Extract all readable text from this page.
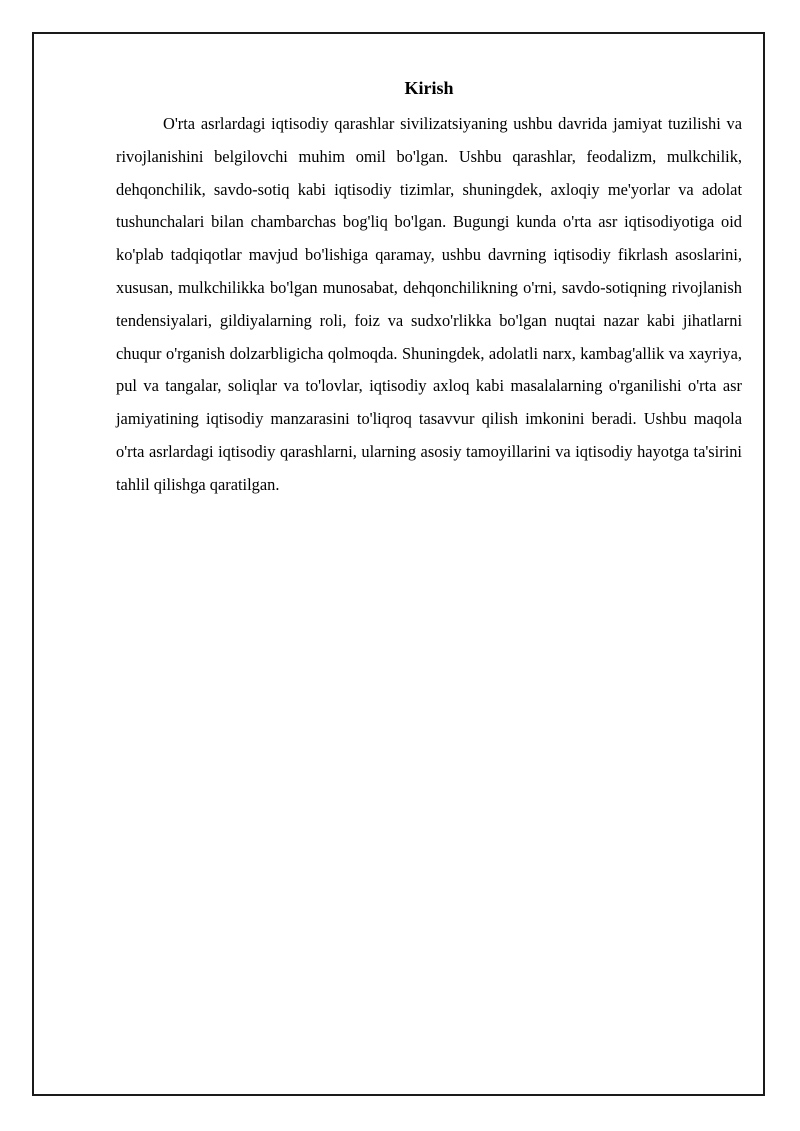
Kirish

O'rta asrlardagi iqtisodiy qarashlar sivilizatsiyaning ushbu davrida jamiyat tuzilishi va rivojlanishini belgilovchi muhim omil bo'lgan. Ushbu qarashlar, feodalizm, mulkchilik, dehqonchilik, savdo-sotiq kabi iqtisodiy tizimlar, shuningdek, axloqiy me'yorlar va adolat tushunchalari bilan chambarchas bog'liq bo'lgan. Bugungi kunda o'rta asr iqtisodiyotiga oid ko'plab tadqiqotlar mavjud bo'lishiga qaramay, ushbu davrning iqtisodiy fikrlash asoslarini, xususan, mulkchilikka bo'lgan munosabat, dehqonchilikning o'rni, savdo-sotiqning rivojlanish tendensiyalari, gildiyalarning roli, foiz va sudxo'rlikka bo'lgan nuqtai nazar kabi jihatlarni chuqur o'rganish dolzarbligicha qolmoqda. Shuningdek, adolatli narx, kambag'allik va xayriya, pul va tangalar, soliqlar va to'lovlar, iqtisodiy axloq kabi masalalarning o'rganilishi o'rta asr jamiyatining iqtisodiy manzarasini to'liqroq tasavvur qilish imkonini beradi. Ushbu maqola o'rta asrlardagi iqtisodiy qarashlarni, ularning asosiy tamoyillarini va iqtisodiy hayotga ta'sirini tahlil qilishga qaratilgan.
